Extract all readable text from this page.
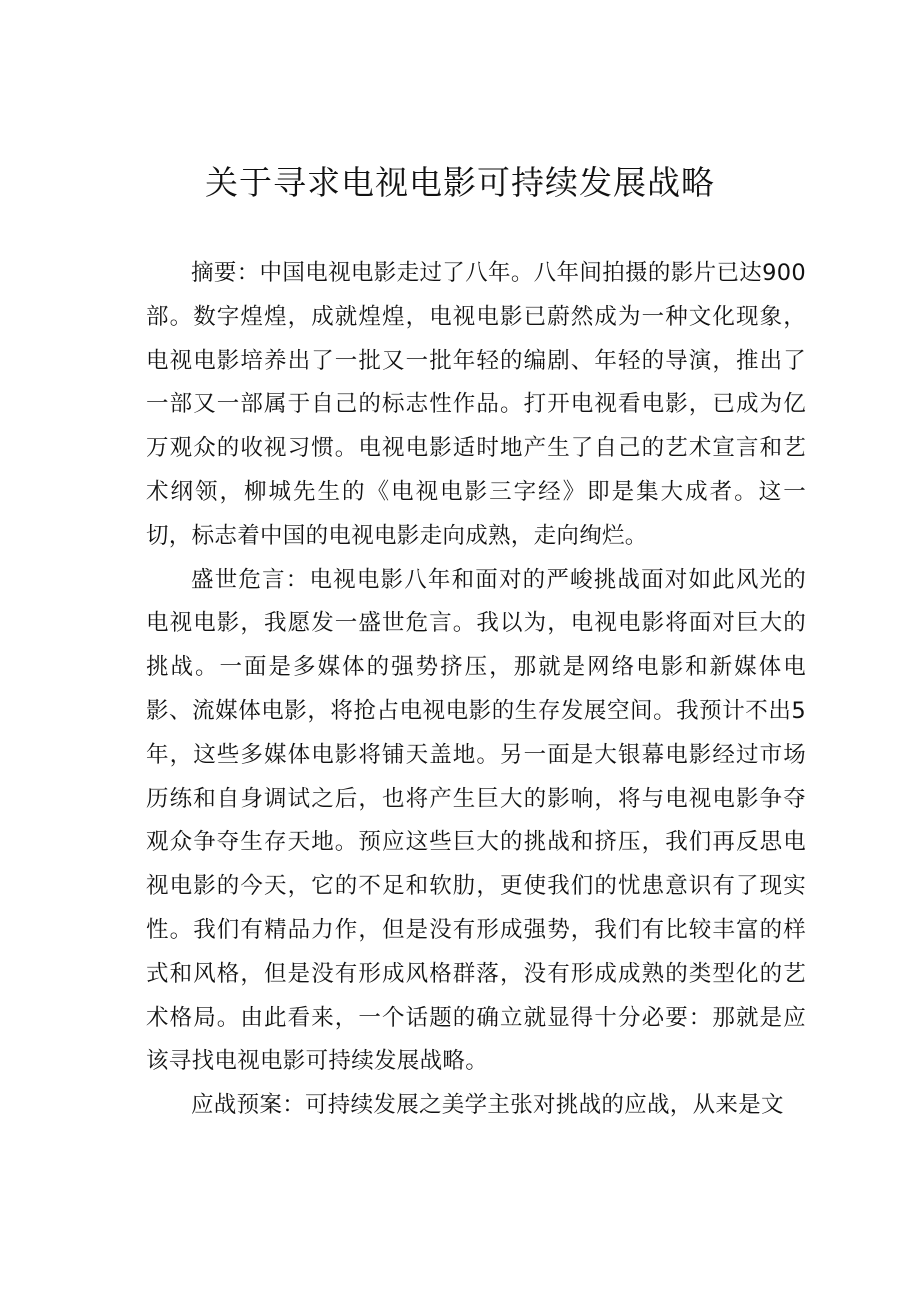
关于寻求电视电影可持续发展战略

摘要：中国电视电影走过了八年。八年间拍摄的影片已达900部。数字煌煌，成就煌煌，电视电影已蔚然成为一种文化现象，电视电影培养出了一批又一批年轻的编剧、年轻的导演，推出了一部又一部属于自己的标志性作品。打开电视看电影，已成为亿万观众的收视习惯。电视电影适时地产生了自己的艺术宣言和艺术纲领，柳城先生的《电视电影三字经》即是集大成者。这一切，标志着中国的电视电影走向成熟，走向绚烂。

盛世危言：电视电影八年和面对的严峻挑战面对如此风光的电视电影，我愿发一盛世危言。我以为，电视电影将面对巨大的挑战。一面是多媒体的强势挤压，那就是网络电影和新媒体电影、流媒体电影，将抢占电视电影的生存发展空间。我预计不出5年，这些多媒体电影将铺天盖地。另一面是大银幕电影经过市场历练和自身调试之后，也将产生巨大的影响，将与电视电影争夺观众争夺生存天地。预应这些巨大的挑战和挤压，我们再反思电视电影的今天，它的不足和软肋，更使我们的忧患意识有了现实性。我们有精品力作，但是没有形成强势，我们有比较丰富的样式和风格，但是没有形成风格群落，没有形成成熟的类型化的艺术格局。由此看来，一个话题的确立就显得十分必要：那就是应该寻找电视电影可持续发展战略。

应战预案：可持续发展之美学主张对挑战的应战，从来是文
